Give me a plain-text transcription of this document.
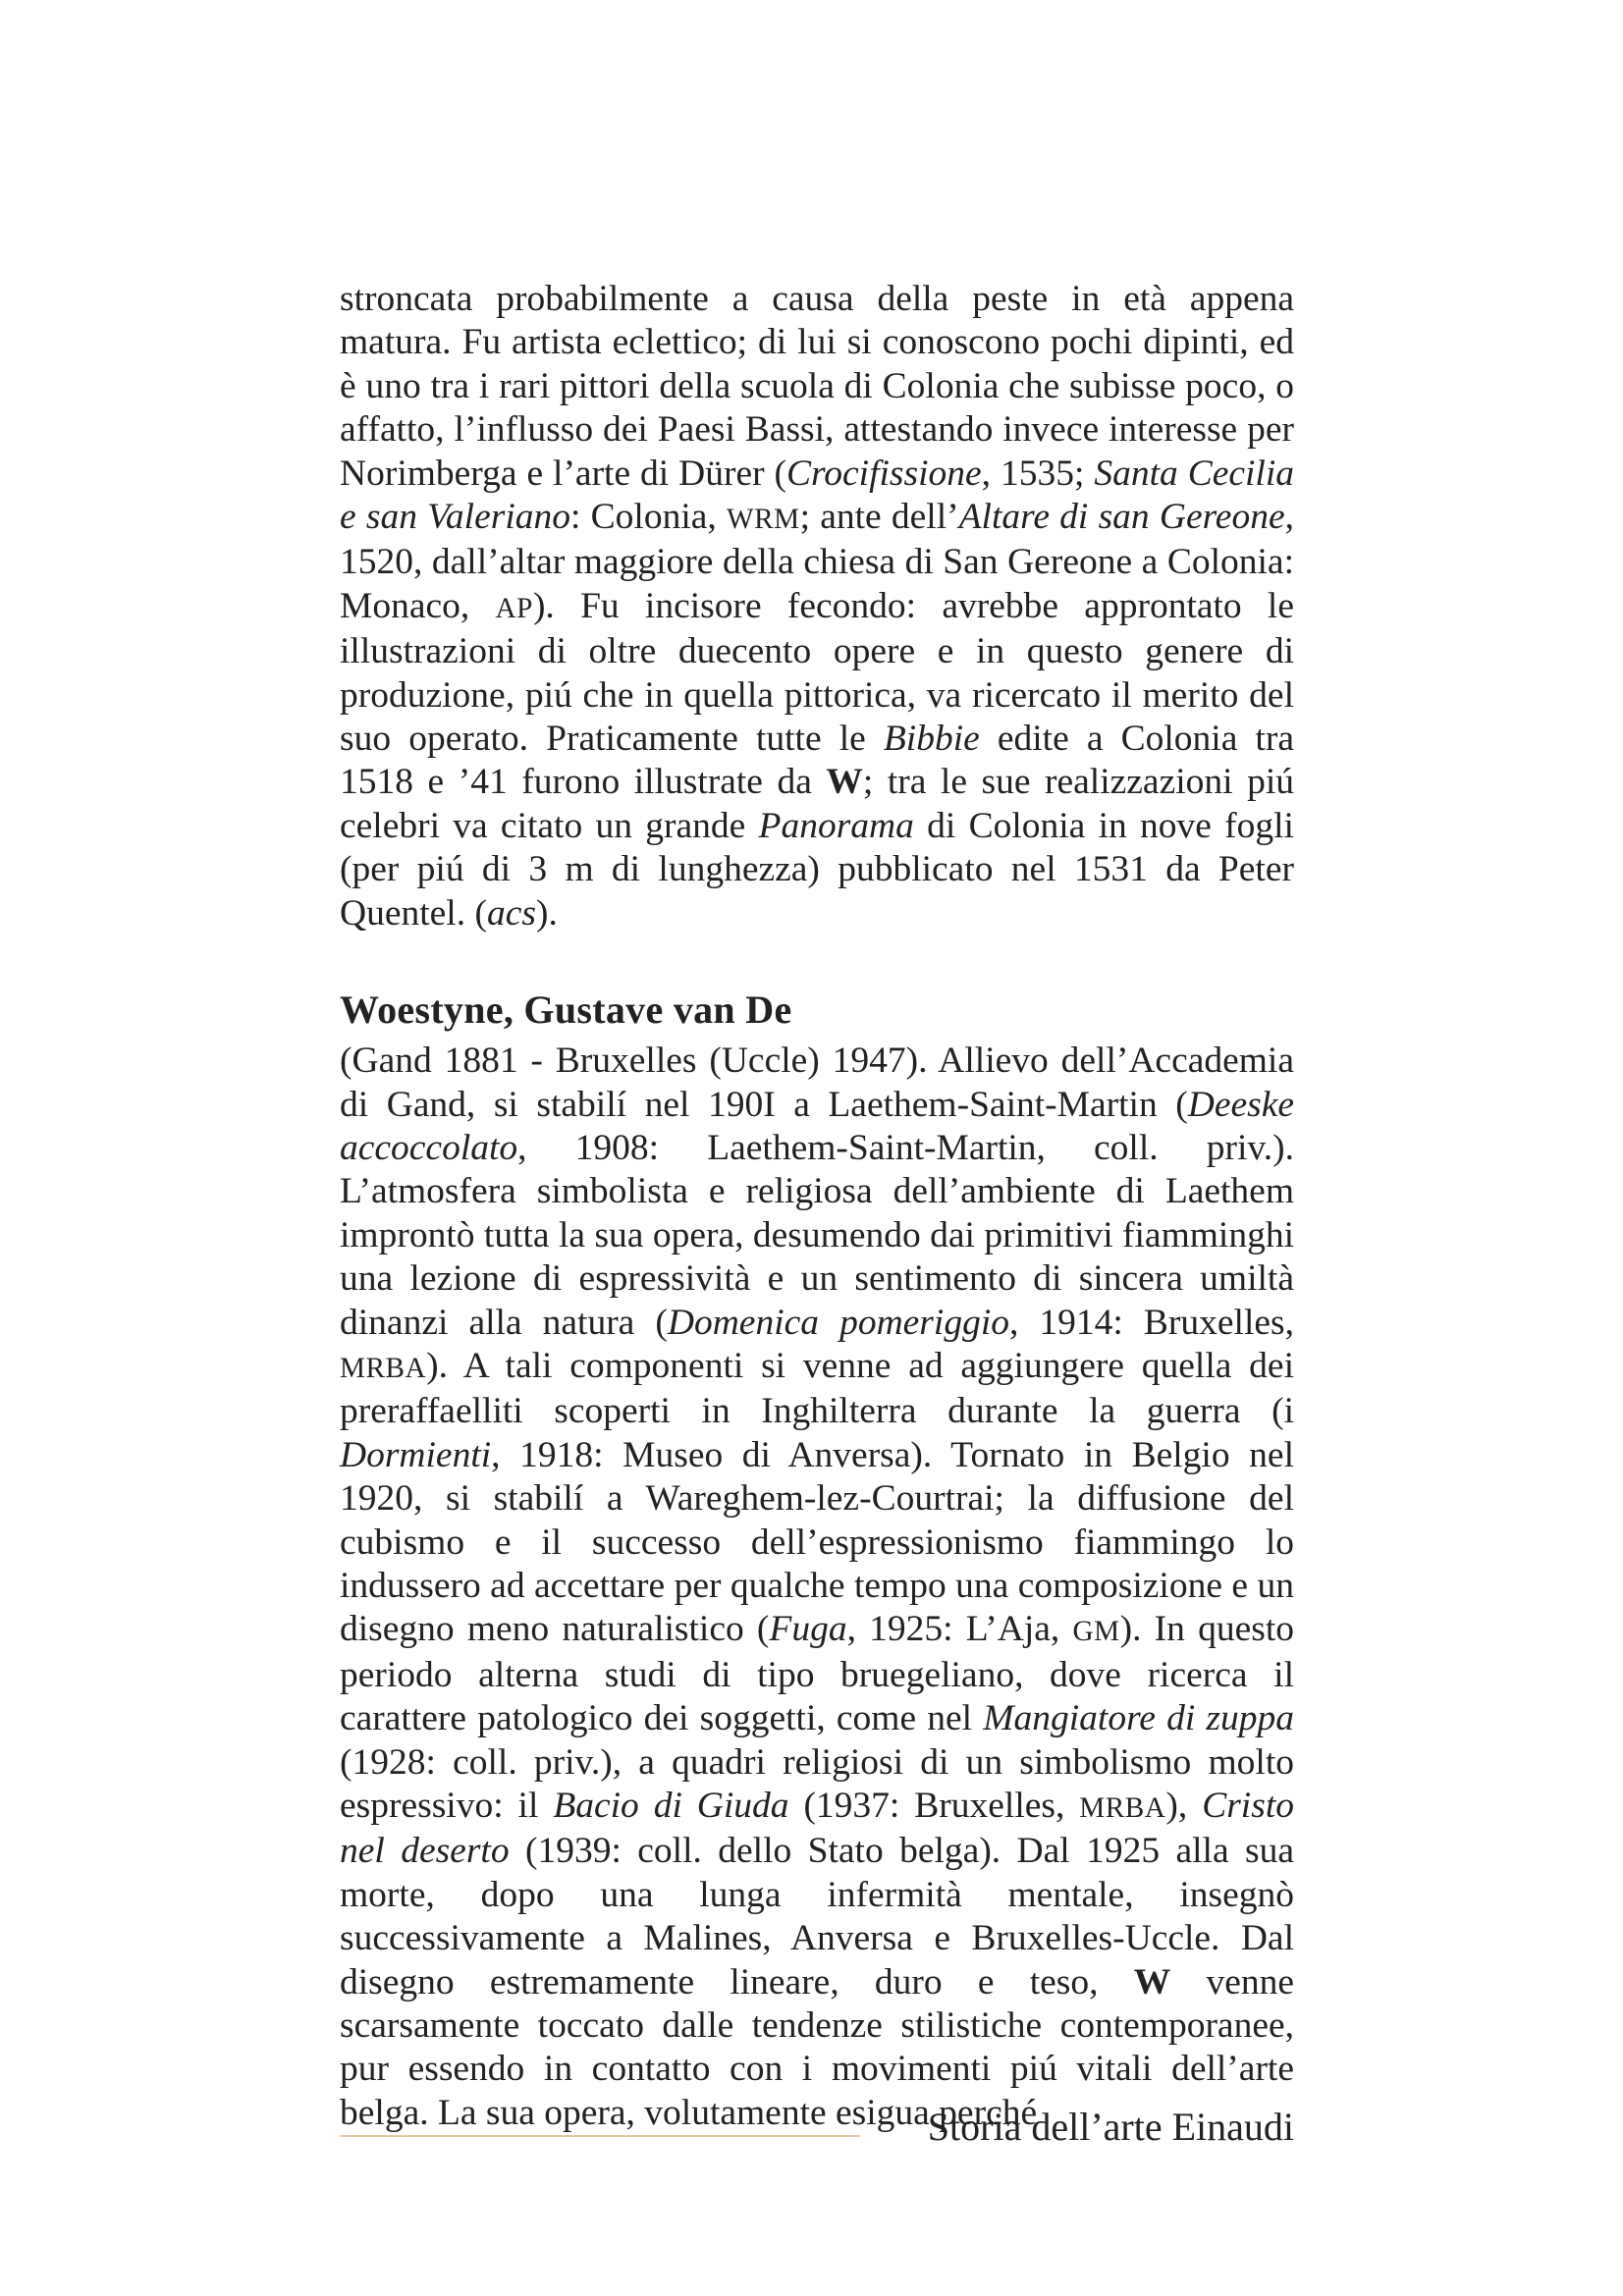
stroncata probabilmente a causa della peste in età appena matura. Fu artista eclettico; di lui si conoscono pochi dipinti, ed è uno tra i rari pittori della scuola di Colonia che subisse poco, o affatto, l’influsso dei Paesi Bassi, attestando invece interesse per Norimberga e l’arte di Dürer (Crocifissione, 1535; Santa Cecilia e san Valeriano: Colonia, WRM; ante dell’Altare di san Gereone, 1520, dall’altar maggiore della chiesa di San Gereone a Colonia: Monaco, AP). Fu incisore fecondo: avrebbe approntato le illustrazioni di oltre duecento opere e in questo genere di produzione, piú che in quella pittorica, va ricercato il merito del suo operato. Praticamente tutte le Bibbie edite a Colonia tra 1518 e ’41 furono illustrate da W; tra le sue realizzazioni piú celebri va citato un grande Panorama di Colonia in nove fogli (per piú di 3 m di lunghezza) pubblicato nel 1531 da Peter Quentel. (acs).

Woestyne, Gustave van De

(Gand 1881 - Bruxelles (Uccle) 1947). Allievo dell’Accademia di Gand, si stabilí nel 190I a Laethem-Saint-Martin (Deeske accoccolato, 1908: Laethem-Saint-Martin, coll. priv.). L’atmosfera simbolista e religiosa dell’ambiente di Laethem improntò tutta la sua opera, desumendo dai primitivi fiamminghi una lezione di espressività e un sentimento di sincera umiltà dinanzi alla natura (Domenica pomeriggio, 1914: Bruxelles, MRBA). A tali componenti si venne ad aggiungere quella dei preraffaelliti scoperti in Inghilterra durante la guerra (i Dormienti, 1918: Museo di Anversa). Tornato in Belgio nel 1920, si stabilí a Wareghem-lez-Courtrai; la diffusione del cubismo e il successo dell’espressionismo fiammingo lo indussero ad accettare per qualche tempo una composizione e un disegno meno naturalistico (Fuga, 1925: L’Aja, GM). In questo periodo alterna studi di tipo bruegeliano, dove ricerca il carattere patologico dei soggetti, come nel Mangiatore di zuppa (1928: coll. priv.), a quadri religiosi di un simbolismo molto espressivo: il Bacio di Giuda (1937: Bruxelles, MRBA), Cristo nel deserto (1939: coll. dello Stato belga). Dal 1925 alla sua morte, dopo una lunga infermità mentale, insegnò successivamente a Malines, Anversa e Bruxelles-Uccle. Dal disegno estremamente lineare, duro e teso, W venne scarsamente toccato dalle tendenze stilistiche contemporanee, pur essendo in contatto con i movimenti piú vitali dell’arte belga. La sua opera, volutamente esigua perché

Storia dell’arte Einaudi
